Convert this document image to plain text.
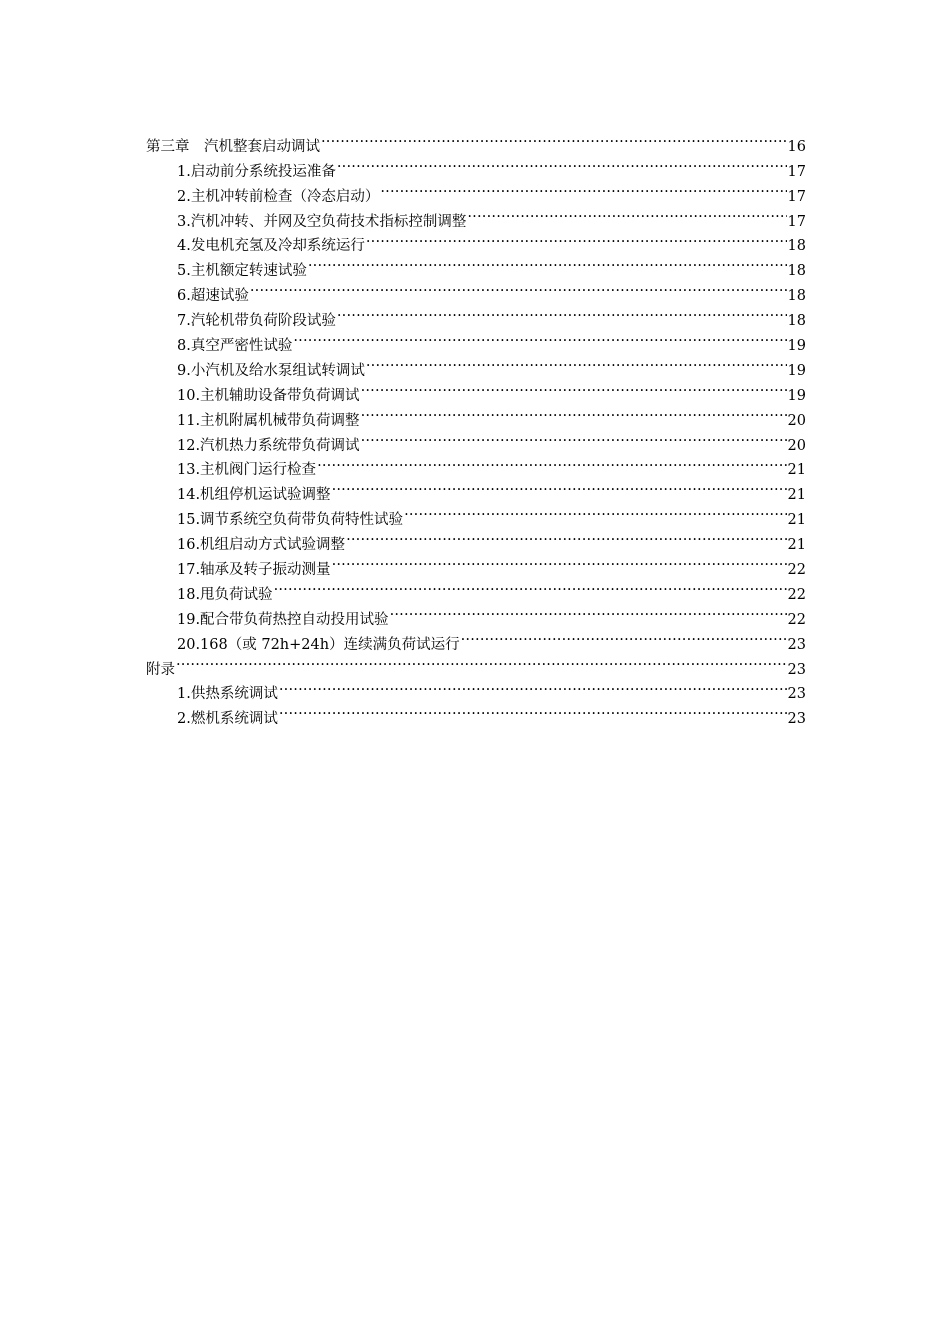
第三章　汽机整套启动调试 .....	16
1.启动前分系统投运准备 .....	17
2.主机冲转前检查（冷态启动） .....	17
3.汽机冲转、并网及空负荷技术指标控制调整 .....	17
4.发电机充氢及冷却系统运行 .....	18
5.主机额定转速试验 .....	18
6.超速试验 .....	18
7.汽轮机带负荷阶段试验 .....	18
8.真空严密性试验 .....	19
9.小汽机及给水泵组试转调试 .....	19
10.主机辅助设备带负荷调试 .....	19
11.主机附属机械带负荷调整 .....	20
12.汽机热力系统带负荷调试 .....	20
13.主机阀门运行检查 .....	21
14.机组停机运试验调整 .....	21
15.调节系统空负荷带负荷特性试验 .....	21
16.机组启动方式试验调整 .....	21
17.轴承及转子振动测量 .....	22
18.甩负荷试验 .....	22
19.配合带负荷热控自动投用试验 .....	22
20.168（或 72h+24h）连续满负荷试运行 .....	23
附录 .....	23
1.供热系统调试 .....	23
2.燃机系统调试 .....	23
